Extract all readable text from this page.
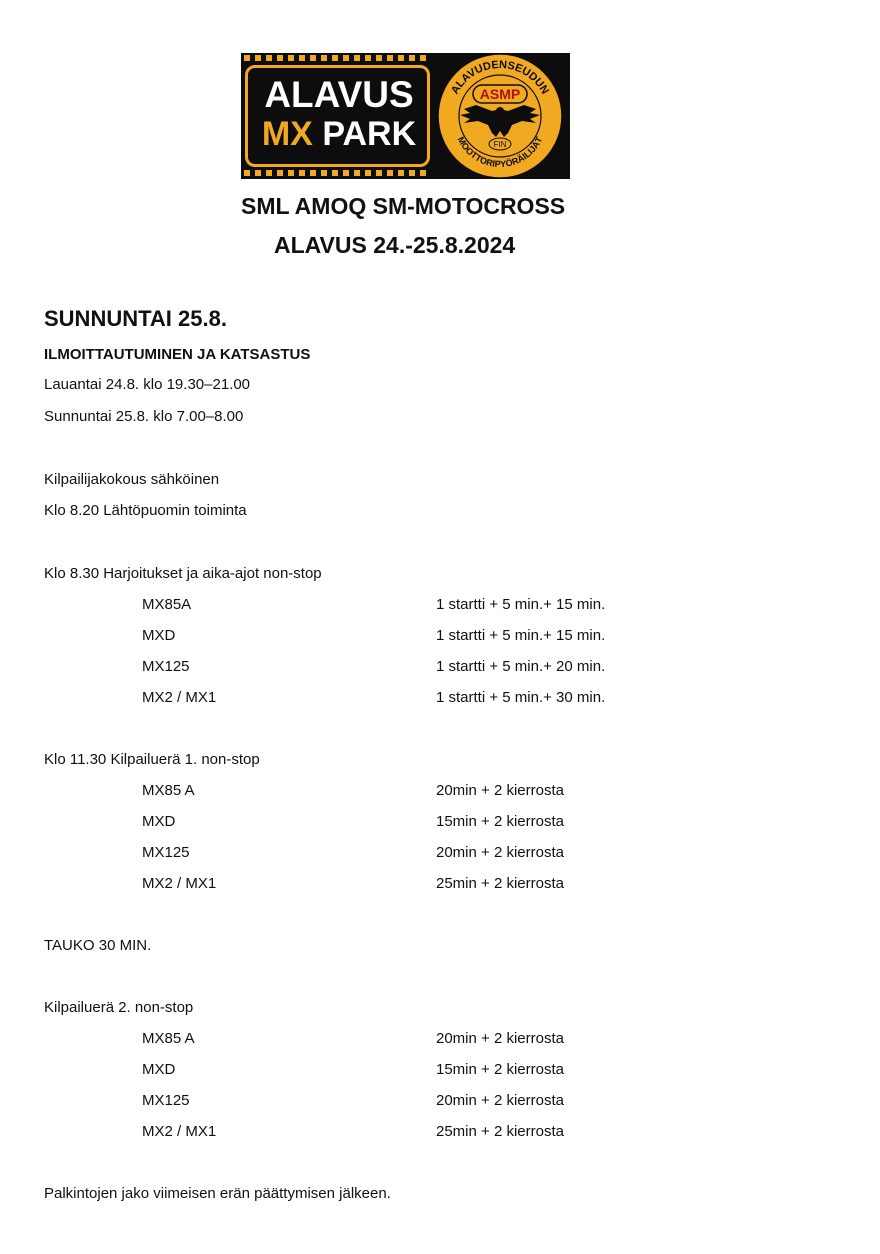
ALAVUS
MX PARK
ALAVUDENSEUDUN
ASMP
FIN
MOOTTORIPYÖRÄILIJÄT
SML AMOQ SM-MOTOCROSS
ALAVUS 24.-25.8.2024
SUNNUNTAI 25.8.
ILMOITTAUTUMINEN JA KATSASTUS
Lauantai 24.8. klo 19.30–21.00
Sunnuntai 25.8. klo 7.00–8.00
Kilpailijakokous sähköinen
Klo 8.20 Lähtöpuomin toiminta
Klo 8.30 Harjoitukset ja aika-ajot non-stop
MX85A	1 startti + 5 min.+ 15 min.
MXD	1 startti + 5 min.+ 15 min.
MX125	1 startti + 5 min.+ 20 min.
MX2 / MX1	1 startti + 5 min.+ 30 min.
Klo 11.30 Kilpailuerä 1. non-stop
MX85 A	20min + 2 kierrosta
MXD	15min + 2 kierrosta
MX125	20min + 2 kierrosta
MX2 / MX1	25min + 2 kierrosta
TAUKO 30 MIN.
Kilpailuerä 2. non-stop
MX85 A	20min + 2 kierrosta
MXD	15min + 2 kierrosta
MX125	20min + 2 kierrosta
MX2 / MX1	25min + 2 kierrosta
Palkintojen jako viimeisen erän päättymisen jälkeen.
